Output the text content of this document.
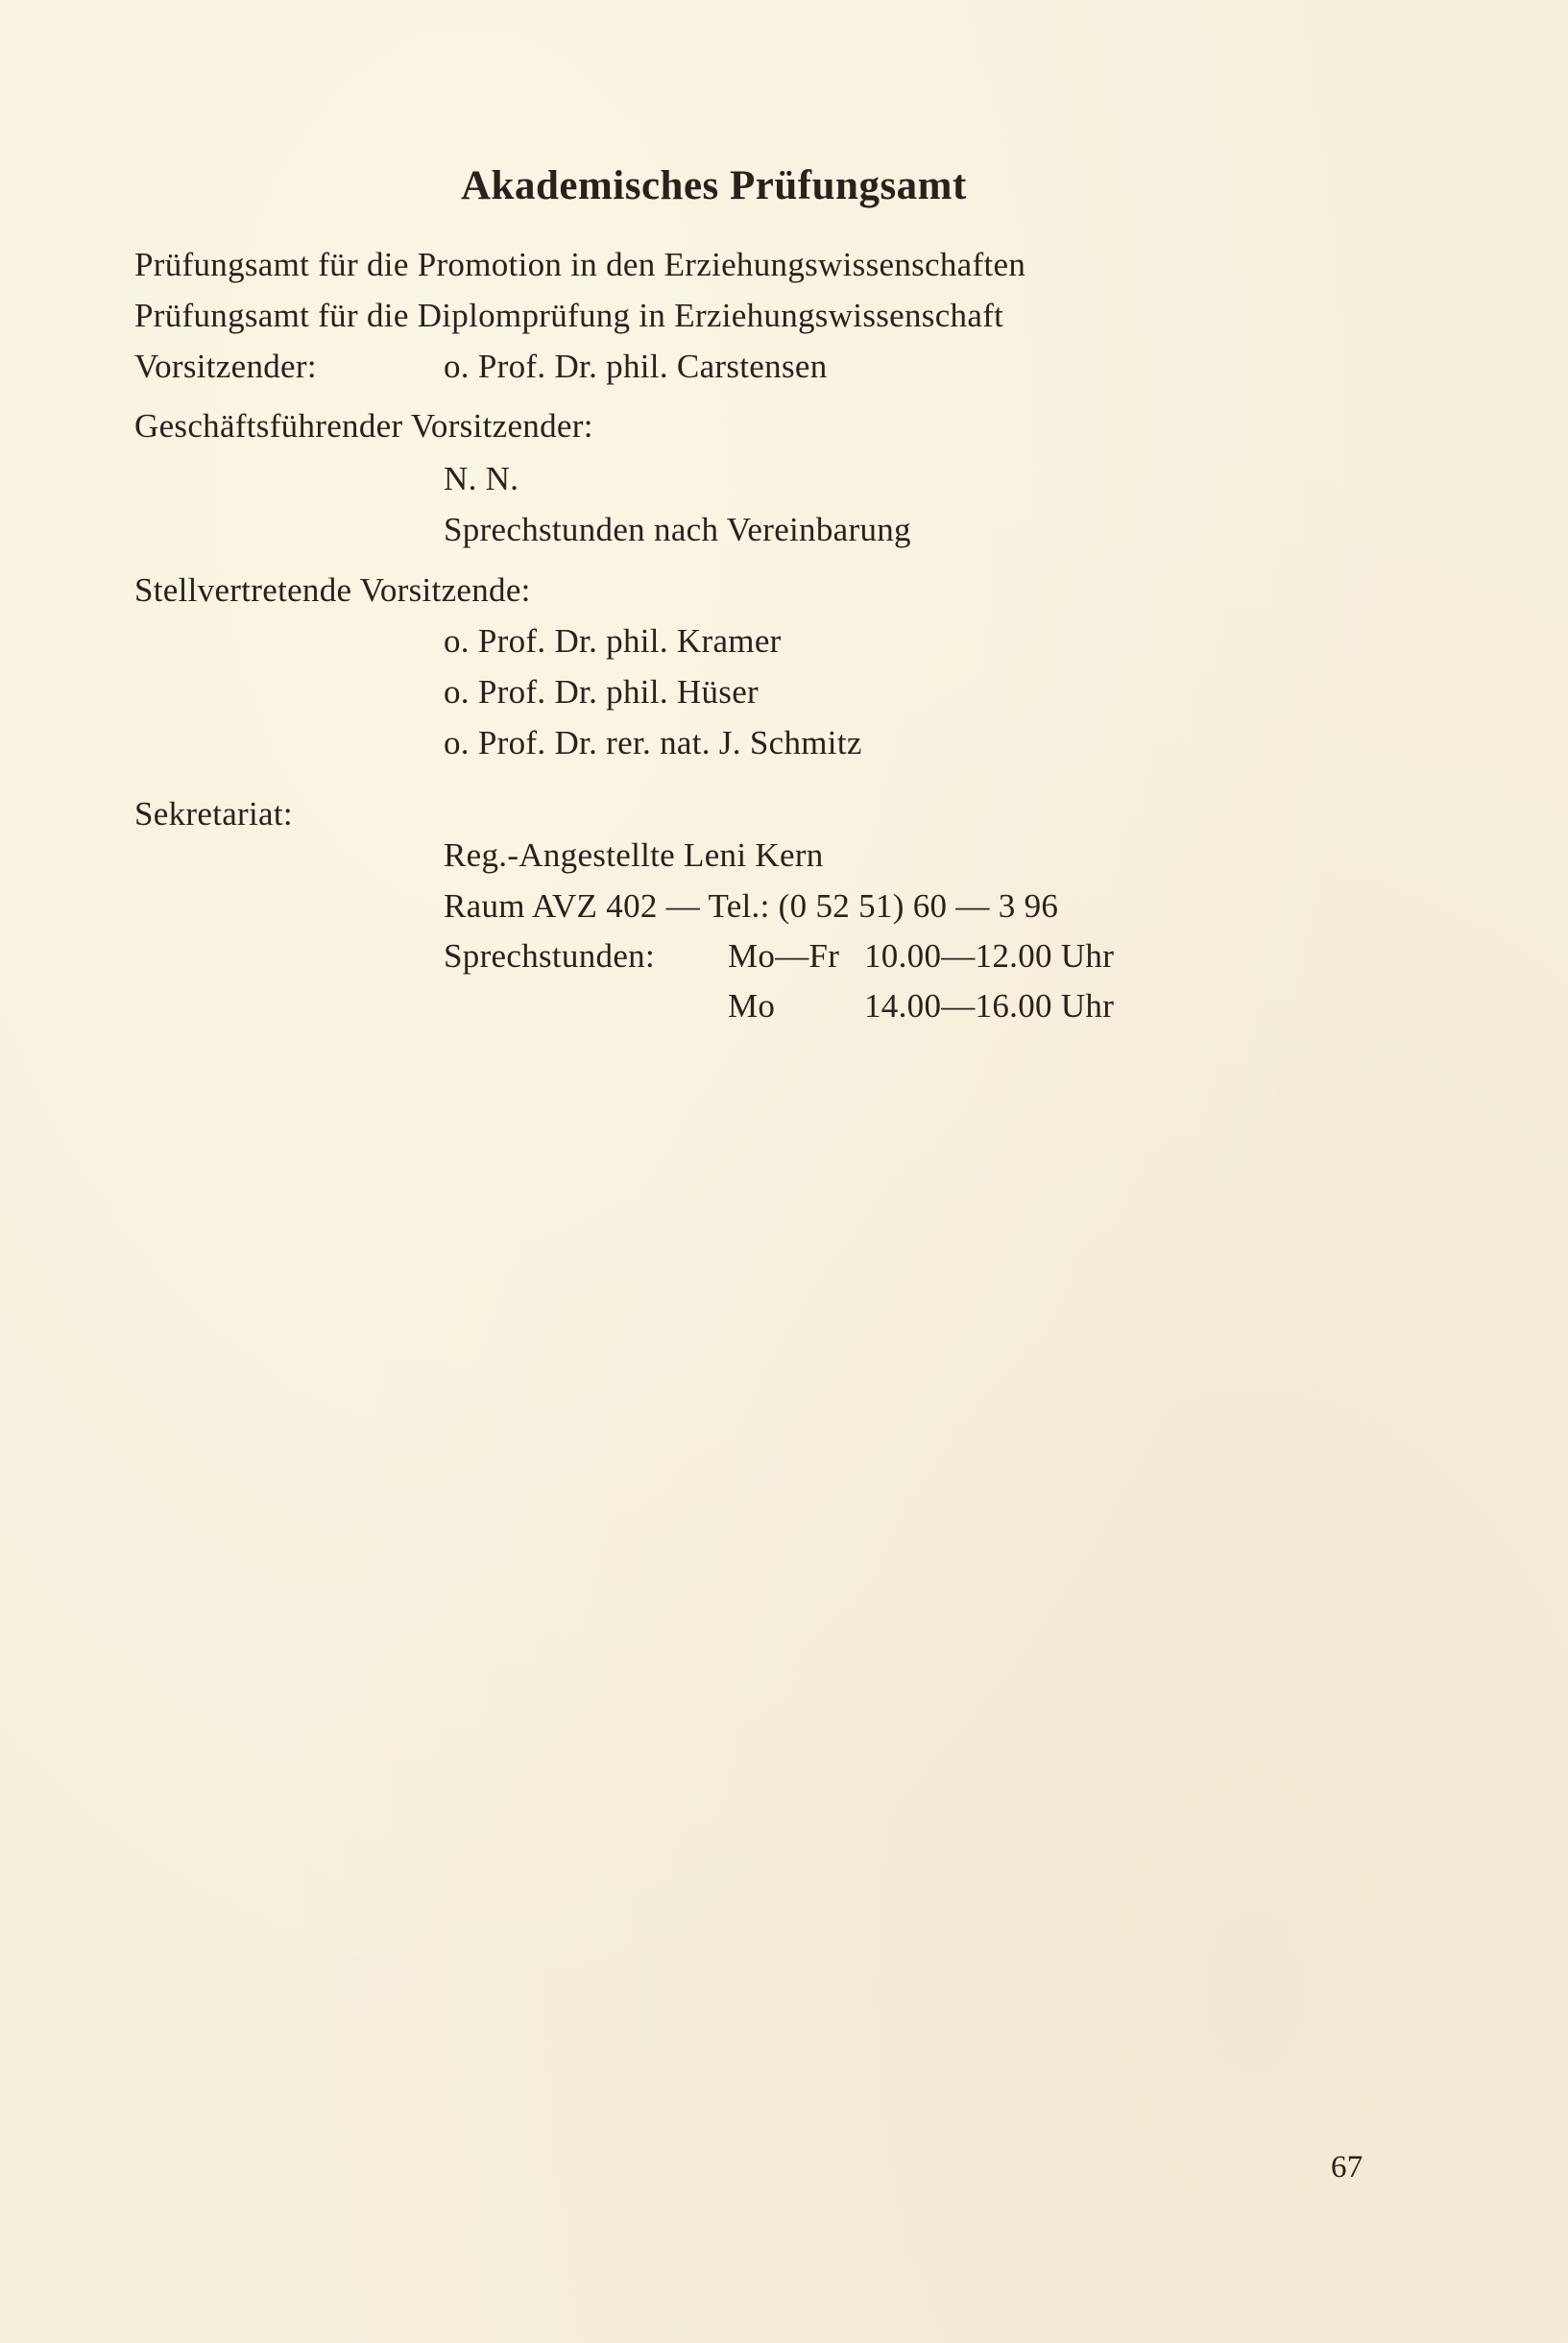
Akademisches Prüfungsamt
Prüfungsamt für die Promotion in den Erziehungswissenschaften
Prüfungsamt für die Diplomprüfung in Erziehungswissenschaft
Vorsitzender:	o. Prof. Dr. phil. Carstensen
Geschäftsführender Vorsitzender:
N. N.
Sprechstunden nach Vereinbarung
Stellvertretende Vorsitzende:
o. Prof. Dr. phil. Kramer
o. Prof. Dr. phil. Hüser
o. Prof. Dr. rer. nat. J. Schmitz
Sekretariat:
Reg.-Angestellte Leni Kern
Raum AVZ 402 — Tel.: (0 52 51) 60 — 3 96
Sprechstunden: Mo—Fr 10.00—12.00 Uhr
Mo	14.00—16.00 Uhr
67
